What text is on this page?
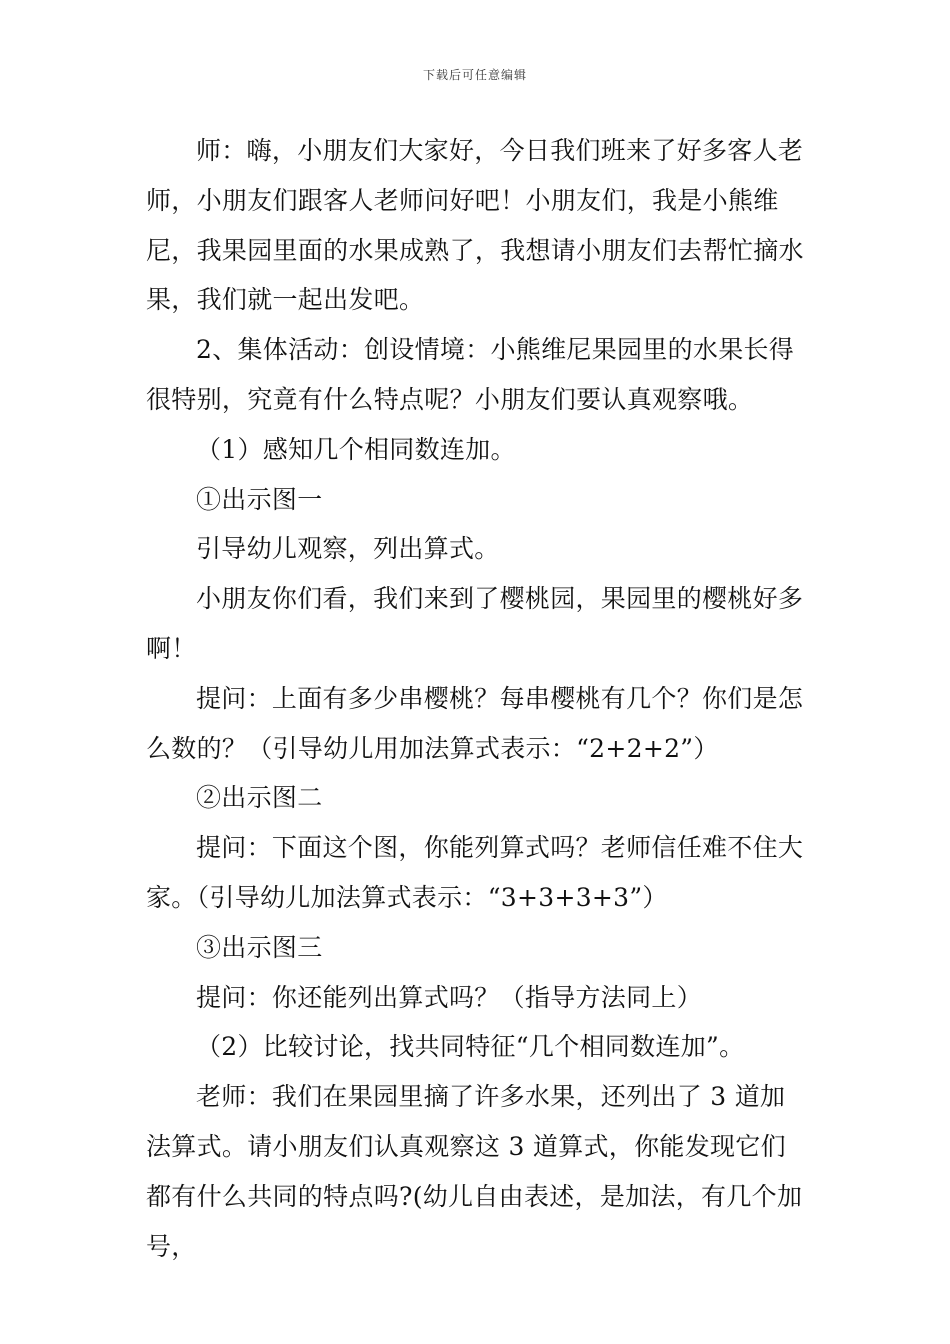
下载后可任意编辑

师：嗨，小朋友们大家好，今日我们班来了好多客人老师，小朋友们跟客人老师问好吧！小朋友们，我是小熊维尼，我果园里面的水果成熟了，我想请小朋友们去帮忙摘水果，我们就一起出发吧。

2、集体活动：创设情境：小熊维尼果园里的水果长得很特别，究竟有什么特点呢？小朋友们要认真观察哦。

（1）感知几个相同数连加。

①出示图一

引导幼儿观察，列出算式。

小朋友你们看，我们来到了樱桃园，果园里的樱桃好多啊！

提问：上面有多少串樱桃？每串樱桃有几个？你们是怎么数的？（引导幼儿用加法算式表示：“2+2+2”）

②出示图二

提问：下面这个图，你能列算式吗？老师信任难不住大家。（引导幼儿加法算式表示：“3+3+3+3”）

③出示图三

提问：你还能列出算式吗？（指导方法同上）

（2）比较讨论，找共同特征“几个相同数连加”。

老师：我们在果园里摘了许多水果，还列出了 3 道加法算式。请小朋友们认真观察这 3 道算式，你能发现它们都有什么共同的特点吗?(幼儿自由表述，是加法，有几个加号，
